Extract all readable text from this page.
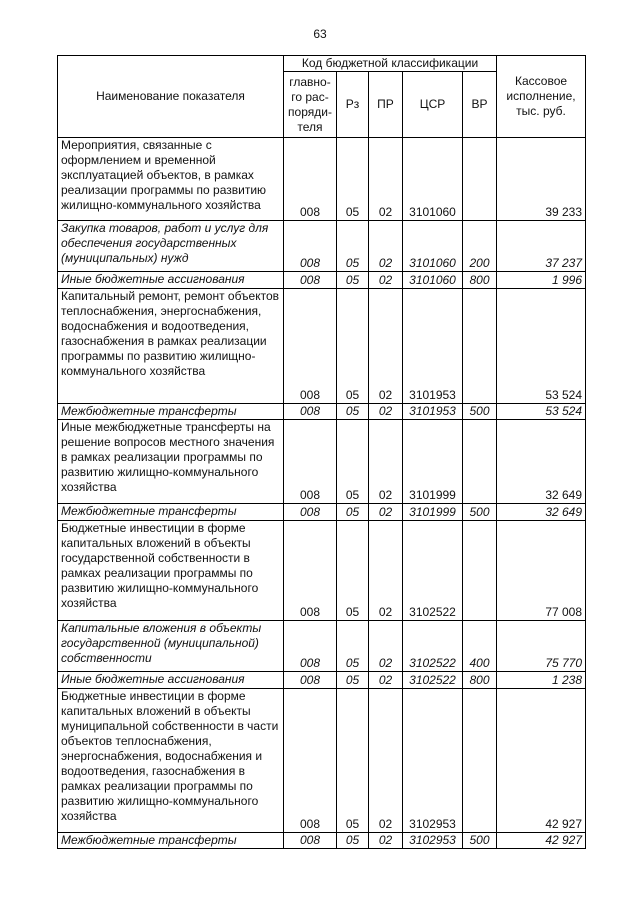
63
Наименование показателя	Код бюджетной классификации					Кассовое исполнение, тыс. руб.
	главно-го рас-поряди-теля	Рз	ПР	ЦСР	ВР	
Мероприятия, связанные с оформлением и временной эксплуатацией объектов, в рамках реализации программы по развитию жилищно-коммунального хозяйства	008	05	02	3101060		39 233
Закупка товаров, работ и услуг для обеспечения государственных (муниципальных) нужд	008	05	02	3101060	200	37 237
Иные бюджетные ассигнования	008	05	02	3101060	800	1 996
Капитальный ремонт, ремонт объектов теплоснабжения, энергоснабжения, водоснабжения и водоотведения, газоснабжения в рамках реализации программы по развитию жилищно-коммунального хозяйства	008	05	02	3101953		53 524
Межбюджетные трансферты	008	05	02	3101953	500	53 524
Иные межбюджетные трансферты на решение вопросов местного значения в рамках реализации программы по развитию жилищно-коммунального хозяйства	008	05	02	3101999		32 649
Межбюджетные трансферты	008	05	02	3101999	500	32 649
Бюджетные инвестиции в форме капитальных вложений в объекты государственной собственности в рамках реализации программы по развитию жилищно-коммунального хозяйства	008	05	02	3102522		77 008
Капитальные вложения в объекты государственной (муниципальной) собственности	008	05	02	3102522	400	75 770
Иные бюджетные ассигнования	008	05	02	3102522	800	1 238
Бюджетные инвестиции в форме капитальных вложений в объекты муниципальной собственности в части объектов теплоснабжения, энергоснабжения, водоснабжения и водоотведения, газоснабжения в рамках реализации программы по развитию жилищно-коммунального хозяйства	008	05	02	3102953		42 927
Межбюджетные трансферты	008	05	02	3102953	500	42 927
